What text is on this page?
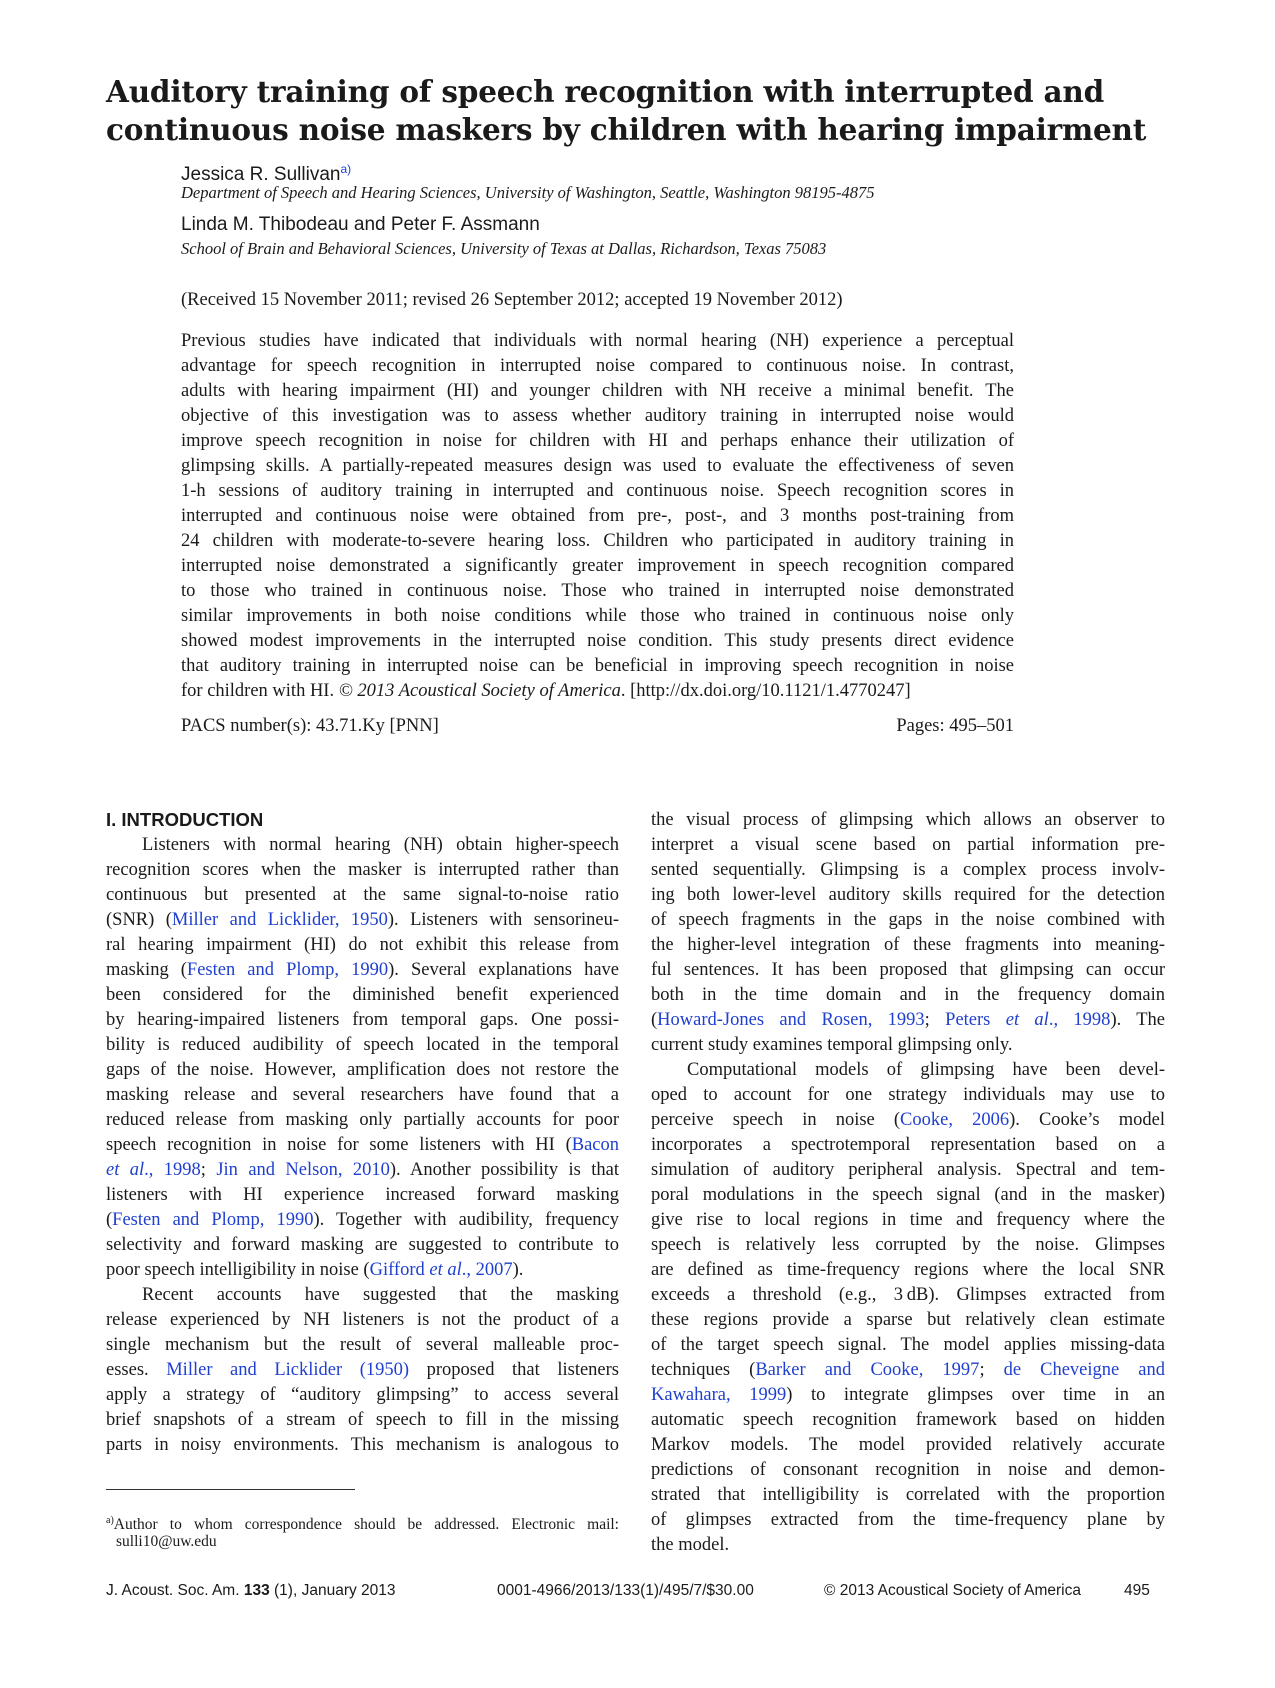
Auditory training of speech recognition with interrupted and
continuous noise maskers by children with hearing impairment
Jessica R. Sullivan$^{a)}$
Department of Speech and Hearing Sciences, University of Washington, Seattle, Washington 98195-4875
Linda M. Thibodeau and Peter F. Assmann
School of Brain and Behavioral Sciences, University of Texas at Dallas, Richardson, Texas 75083
(Received 15 November 2011; revised 26 September 2012; accepted 19 November 2012)
Previous studies have indicated that individuals with normal hearing (NH) experience a perceptual
advantage for speech recognition in interrupted noise compared to continuous noise. In contrast,
adults with hearing impairment (HI) and younger children with NH receive a minimal benefit. The
objective of this investigation was to assess whether auditory training in interrupted noise would
improve speech recognition in noise for children with HI and perhaps enhance their utilization of
glimpsing skills. A partially-repeated measures design was used to evaluate the effectiveness of seven
1-h sessions of auditory training in interrupted and continuous noise. Speech recognition scores in
interrupted and continuous noise were obtained from pre-, post-, and 3 months post-training from
24 children with moderate-to-severe hearing loss. Children who participated in auditory training in
interrupted noise demonstrated a significantly greater improvement in speech recognition compared
to those who trained in continuous noise. Those who trained in interrupted noise demonstrated
similar improvements in both noise conditions while those who trained in continuous noise only
showed modest improvements in the interrupted noise condition. This study presents direct evidence
that auditory training in interrupted noise can be beneficial in improving speech recognition in noise
for children with HI. © 2013 Acoustical Society of America. [http://dx.doi.org/10.1121/1.4770247]
PACS number(s): 43.71.Ky [PNN]	Pages: 495–501
I. INTRODUCTION
Listeners with normal hearing (NH) obtain higher-speech
recognition scores when the masker is interrupted rather than
continuous but presented at the same signal-to-noise ratio
(SNR) (Miller and Licklider, 1950). Listeners with sensorineu-
ral hearing impairment (HI) do not exhibit this release from
masking (Festen and Plomp, 1990). Several explanations have
been considered for the diminished benefit experienced
by hearing-impaired listeners from temporal gaps. One possi-
bility is reduced audibility of speech located in the temporal
gaps of the noise. However, amplification does not restore the
masking release and several researchers have found that a
reduced release from masking only partially accounts for poor
speech recognition in noise for some listeners with HI (Bacon
et al., 1998; Jin and Nelson, 2010). Another possibility is that
listeners with HI experience increased forward masking
(Festen and Plomp, 1990). Together with audibility, frequency
selectivity and forward masking are suggested to contribute to
poor speech intelligibility in noise (Gifford et al., 2007).
Recent accounts have suggested that the masking
release experienced by NH listeners is not the product of a
single mechanism but the result of several malleable proc-
esses. Miller and Licklider (1950) proposed that listeners
apply a strategy of “auditory glimpsing” to access several
brief snapshots of a stream of speech to fill in the missing
parts in noisy environments. This mechanism is analogous to
$^{a)}$Author to whom correspondence should be addressed. Electronic mail:
sulli10@uw.edu
the visual process of glimpsing which allows an observer to
interpret a visual scene based on partial information pre-
sented sequentially. Glimpsing is a complex process involv-
ing both lower-level auditory skills required for the detection
of speech fragments in the gaps in the noise combined with
the higher-level integration of these fragments into meaning-
ful sentences. It has been proposed that glimpsing can occur
both in the time domain and in the frequency domain
(Howard-Jones and Rosen, 1993; Peters et al., 1998). The
current study examines temporal glimpsing only.
Computational models of glimpsing have been devel-
oped to account for one strategy individuals may use to
perceive speech in noise (Cooke, 2006). Cooke’s model
incorporates a spectrotemporal representation based on a
simulation of auditory peripheral analysis. Spectral and tem-
poral modulations in the speech signal (and in the masker)
give rise to local regions in time and frequency where the
speech is relatively less corrupted by the noise. Glimpses
are defined as time-frequency regions where the local SNR
exceeds a threshold (e.g., 3 dB). Glimpses extracted from
these regions provide a sparse but relatively clean estimate
of the target speech signal. The model applies missing-data
techniques (Barker and Cooke, 1997; de Cheveigne and
Kawahara, 1999) to integrate glimpses over time in an
automatic speech recognition framework based on hidden
Markov models. The model provided relatively accurate
predictions of consonant recognition in noise and demon-
strated that intelligibility is correlated with the proportion
of glimpses extracted from the time-frequency plane by
the model.
J. Acoust. Soc. Am. 133 (1), January 2013	0001-4966/2013/133(1)/495/7/$30.00	© 2013 Acoustical Society of America	495
